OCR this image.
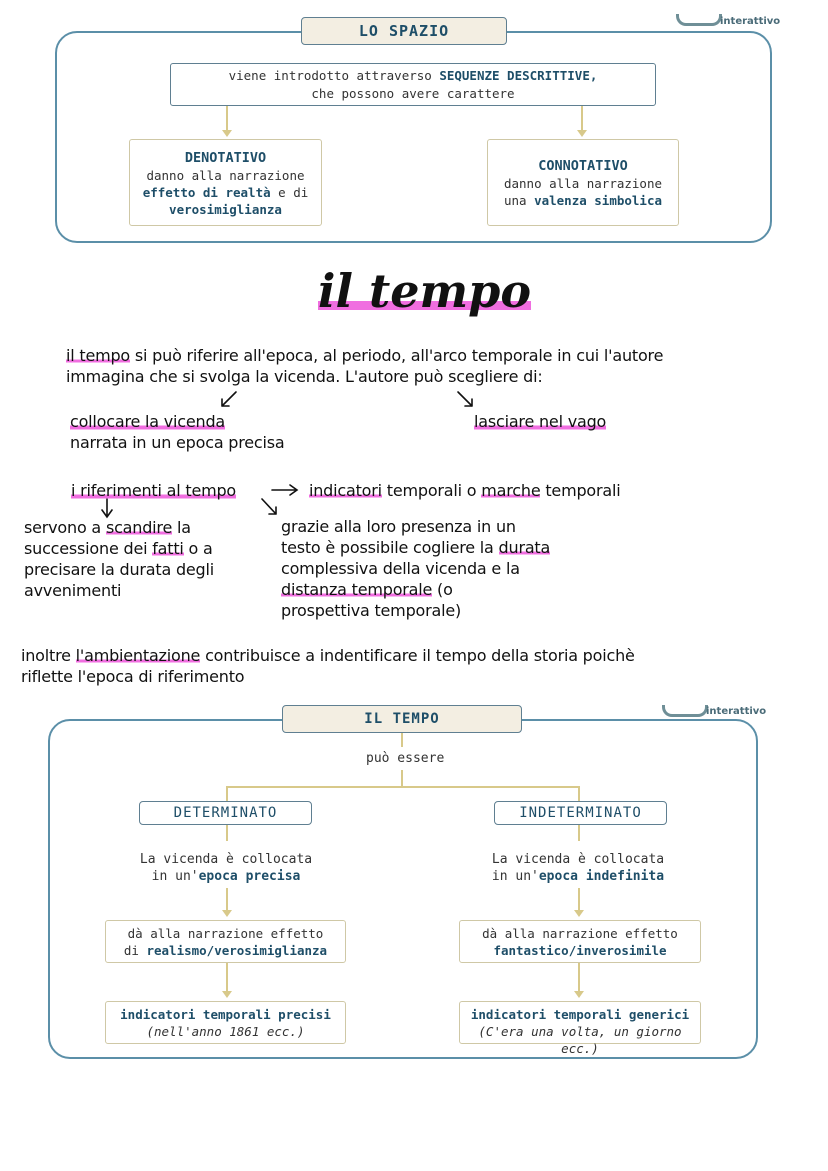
interattivo
LO SPAZIO
viene introdotto attraverso SEQUENZE DESCRITTIVE,
che possono avere carattere
DENOTATIVO
danno alla narrazione
effetto di realtà e di
verosimiglianza
CONNOTATIVO
danno alla narrazione
una valenza simbolica
il tempo
il tempo si può riferire all'epoca, al periodo, all'arco temporale in cui l'autore
immagina che si svolga la vicenda. L'autore può scegliere di:
collocare la vicenda
narrata in un epoca precisa
lasciare nel vago
i riferimenti al tempo	indicatori temporali o marche temporali
servono a scandire la
successione dei fatti o a
precisare la durata degli
avvenimenti
grazie alla loro presenza in un
testo è possibile cogliere la durata
complessiva della vicenda e la
distanza temporale (o
prospettiva temporale)
inoltre l'ambientazione contribuisce a indentificare il tempo della storia poichè
riflette l'epoca di riferimento
interattivo
IL TEMPO
può essere
DETERMINATO
La vicenda è collocata
in un'epoca precisa
dà alla narrazione effetto
di realismo/verosimiglianza
indicatori temporali precisi
(nell'anno 1861 ecc.)
INDETERMINATO
La vicenda è collocata
in un'epoca indefinita
dà alla narrazione effetto
fantastico/inverosimile
indicatori temporali generici
(C'era una volta, un giorno ecc.)
